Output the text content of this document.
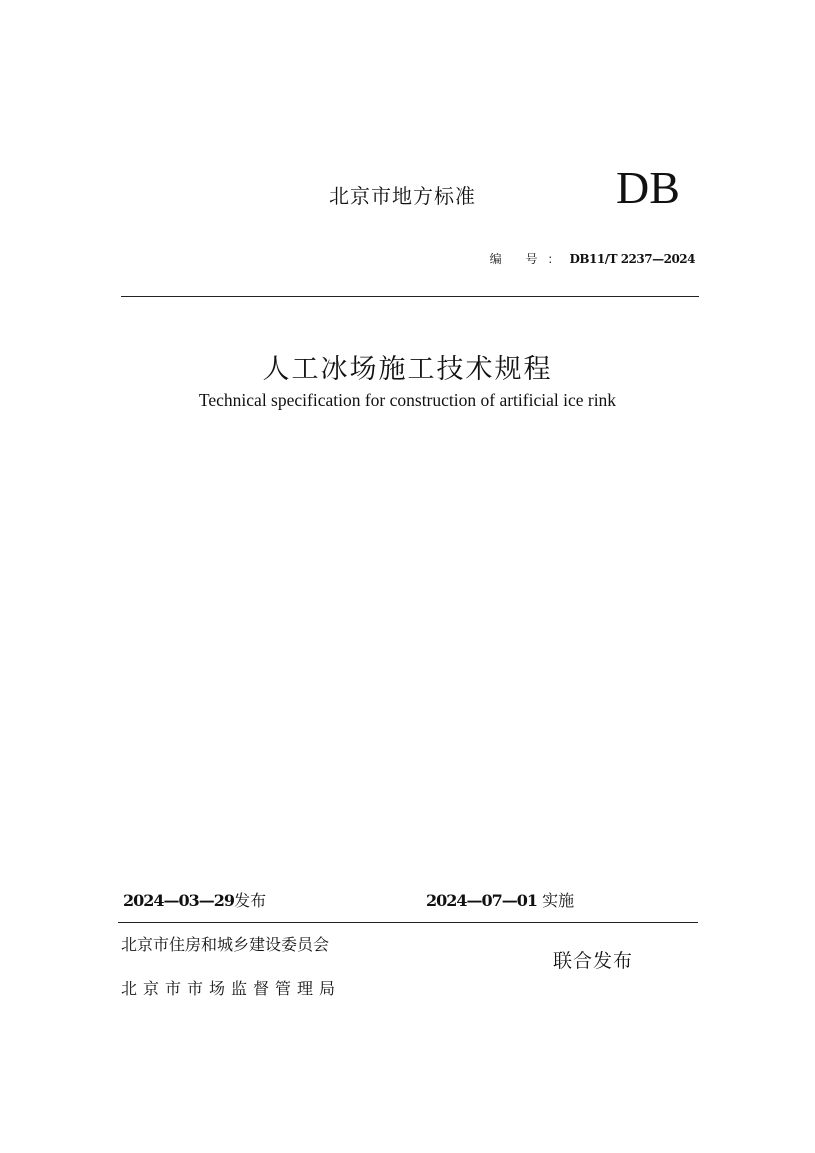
北京市地方标准	DB
编 号：DB11/T 2237—2024
人工冰场施工技术规程
Technical specification for construction of artificial ice rink
2024—03—29发布	2024—07—01 实施
北京市住房和城乡建设委员会
北京市市场监督管理局
联合发布
